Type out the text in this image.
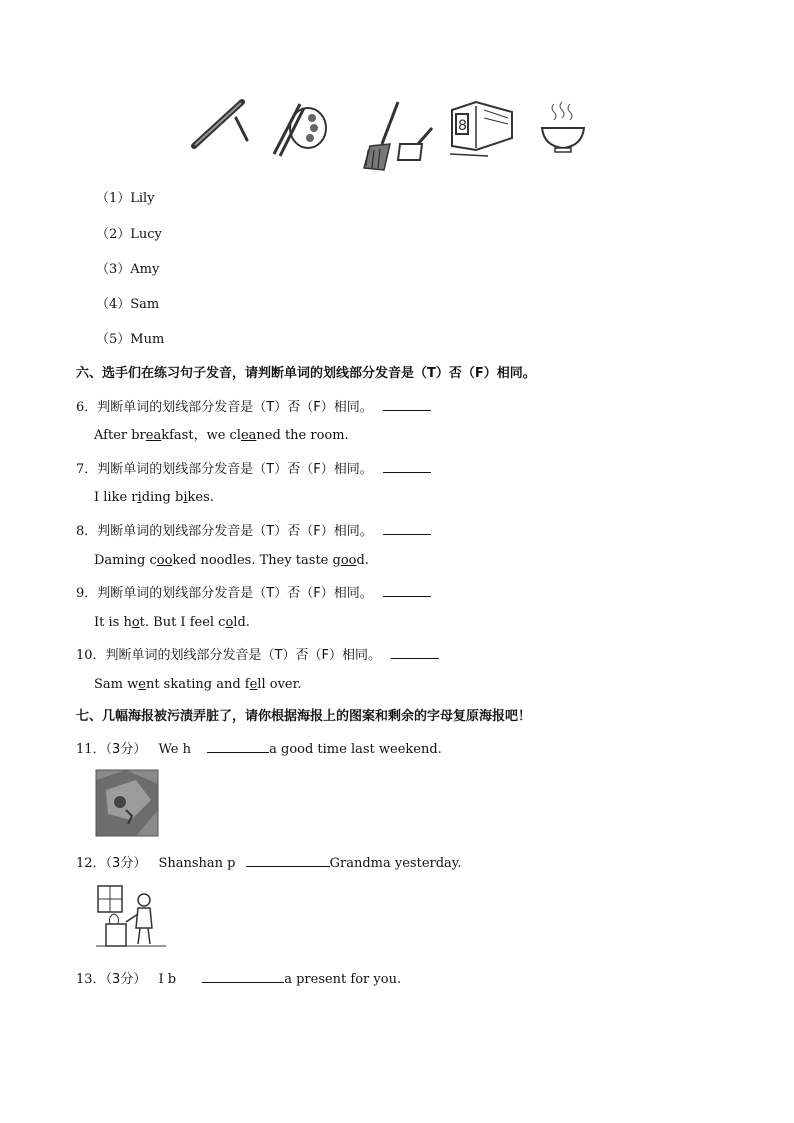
8
（1）Lily
（2）Lucy
（3）Amy
（4）Sam
（5）Mum
六、选手们在练习句子发音，请判断单词的划线部分发音是（T）否（F）相同。
6．判断单词的划线部分发音是（T）否（F）相同。
After breakfast，we cleaned the room.
7．判断单词的划线部分发音是（T）否（F）相同。
I like riding bikes.
8．判断单词的划线部分发音是（T）否（F）相同。
Daming cooked noodles. They taste good.
9．判断单词的划线部分发音是（T）否（F）相同。
It is hot. But I feel cold.
10．判断单词的划线部分发音是（T）否（F）相同。
Sam went skating and fell over.
七、几幅海报被污渍弄脏了，请你根据海报上的图案和剩余的字母复原海报吧！
11．（3分） We h	a good time last weekend.
12．（3分） Shanshan p	Grandma yesterday.
13．（3分） I b	a present for you.
